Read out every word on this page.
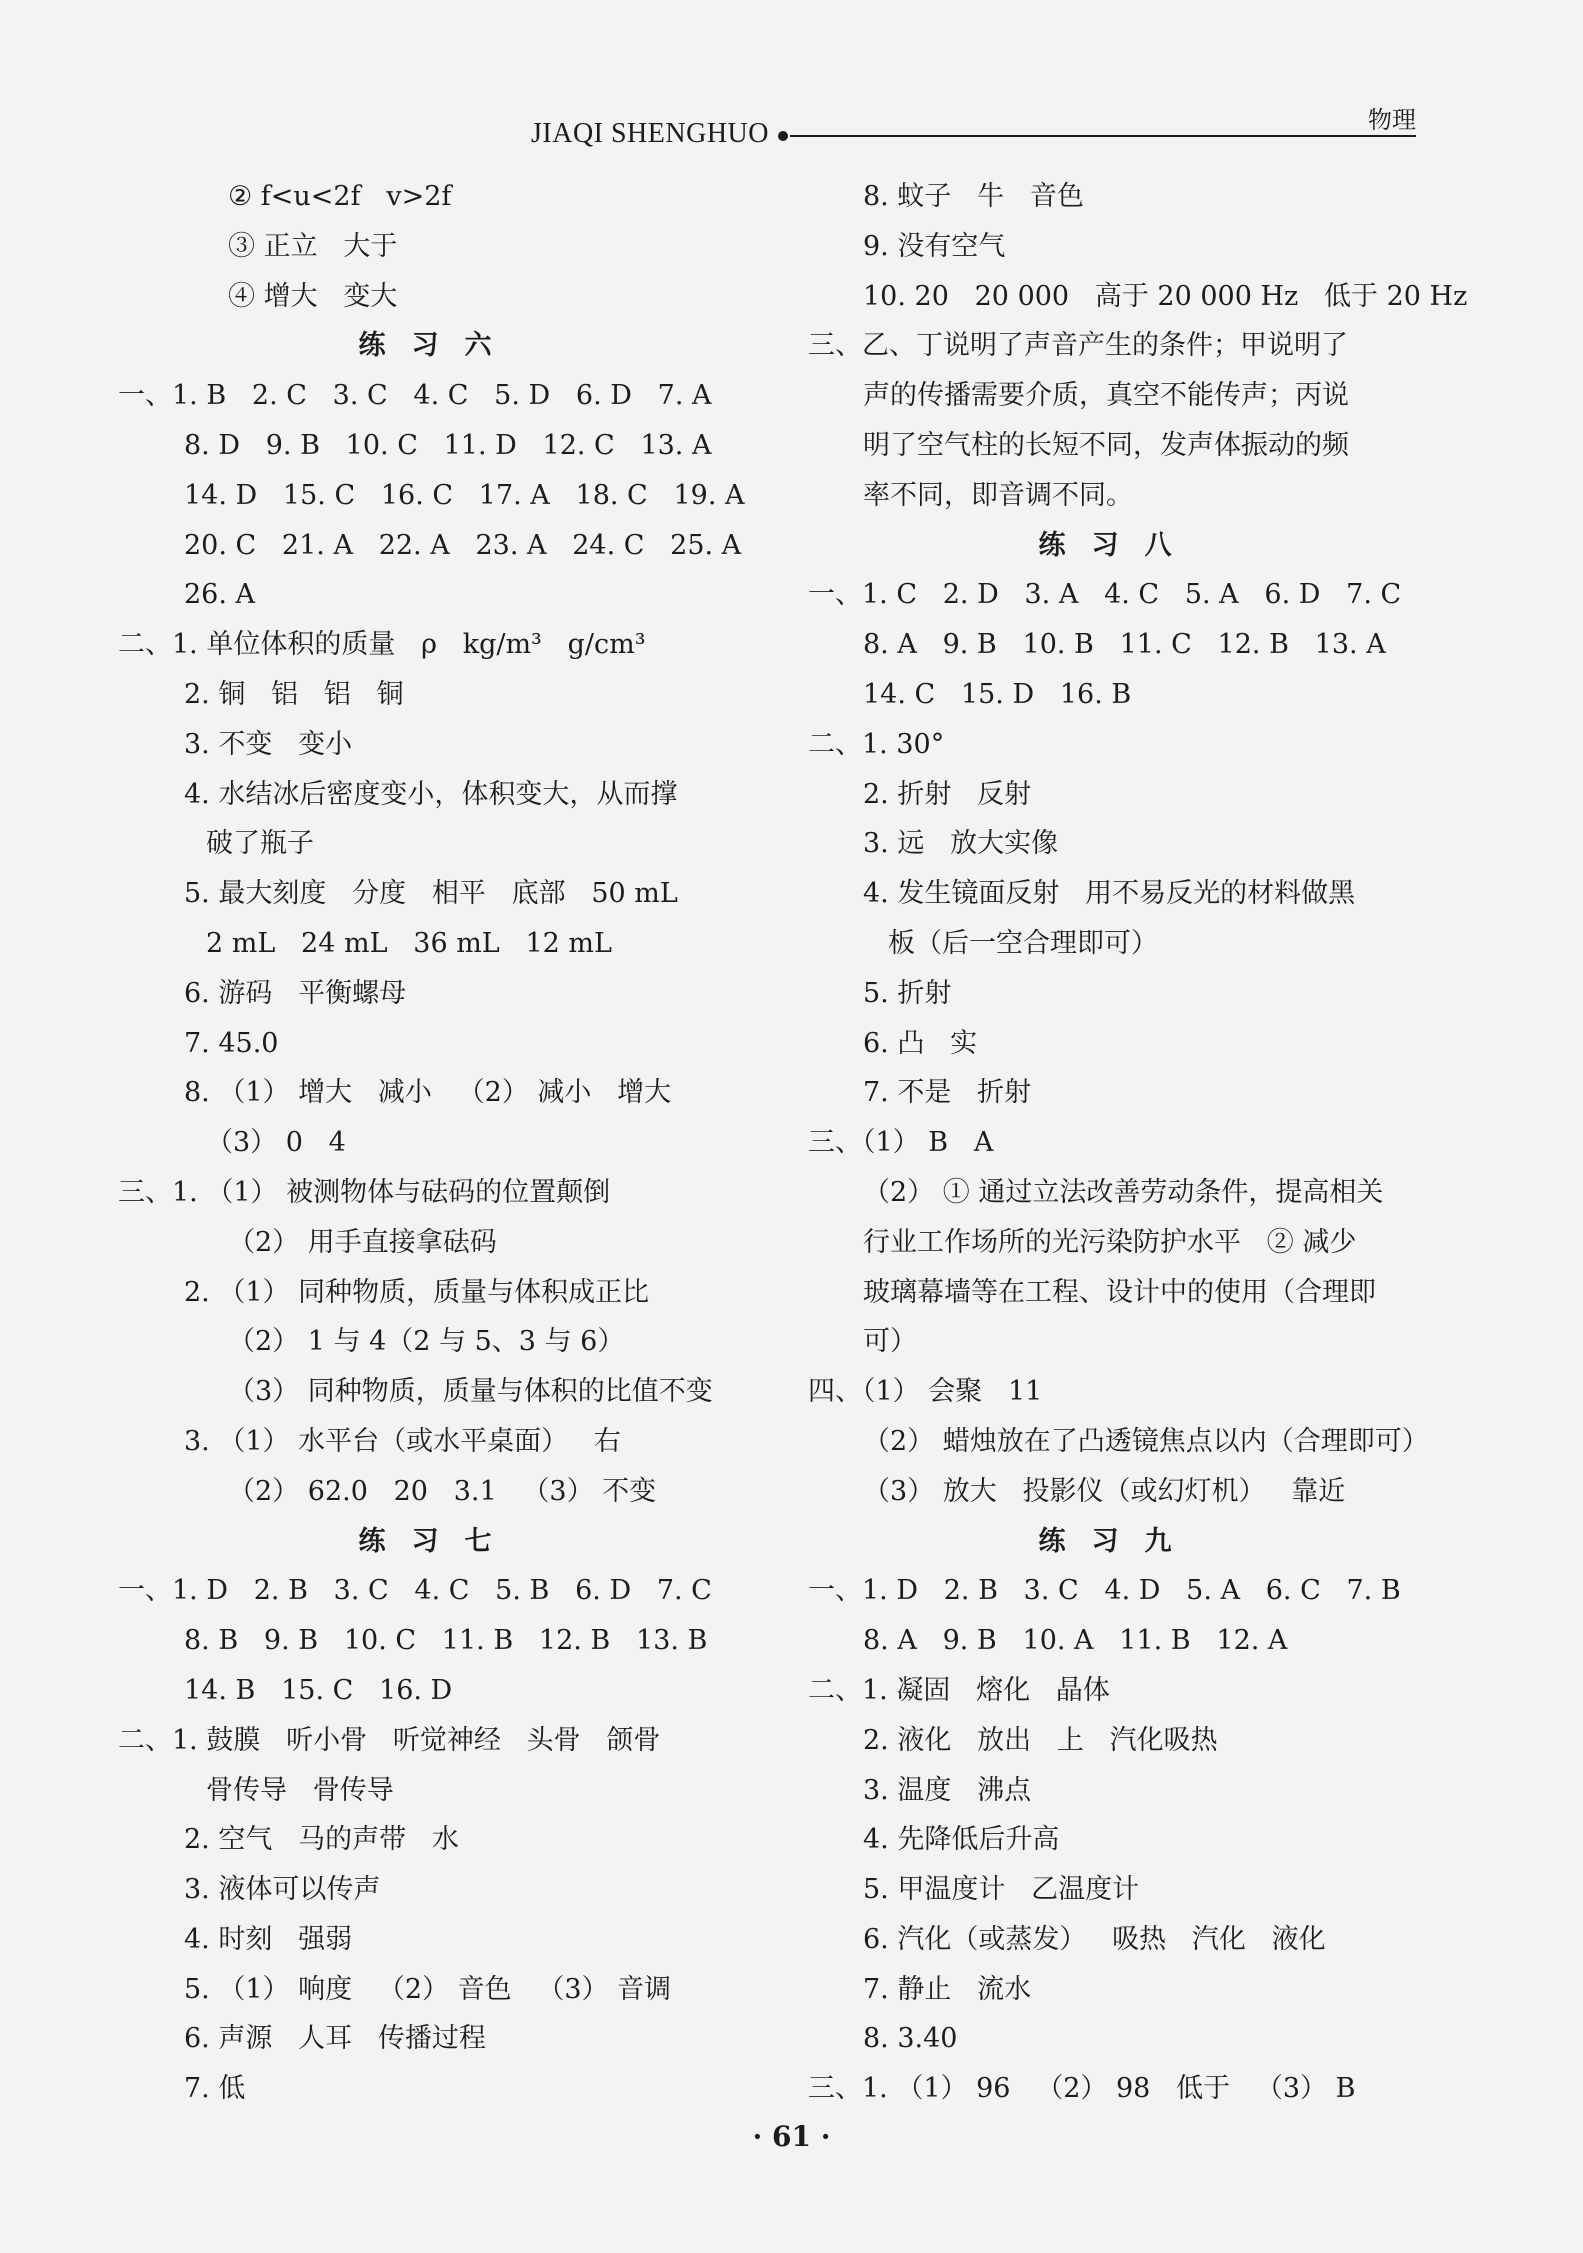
JIAQI SHENGHUO	物理
② f<u<2f   v>2f
③ 正立   大于
④ 增大   变大
练习六
一、1. B   2. C   3. C   4. C   5. D   6. D   7. A
8. D   9. B   10. C   11. D   12. C   13. A
14. D   15. C   16. C   17. A   18. C   19. A
20. C   21. A   22. A   23. A   24. C   25. A
26. A
二、1. 单位体积的质量   ρ   kg/m³   g/cm³
2. 铜   铝   铝   铜
3. 不变   变小
4. 水结冰后密度变小，体积变大，从而撑
破了瓶子
5. 最大刻度   分度   相平   底部   50 mL
2 mL   24 mL   36 mL   12 mL
6. 游码   平衡螺母
7. 45.0
8. （1） 增大   减小   （2） 减小   增大
（3） 0   4
三、1. （1） 被测物体与砝码的位置颠倒
（2） 用手直接拿砝码
2. （1） 同种物质，质量与体积成正比
（2） 1 与 4（2 与 5、3 与 6）
（3） 同种物质，质量与体积的比值不变
3. （1） 水平台（或水平桌面）   右
（2） 62.0   20   3.1   （3） 不变
练习七
一、1. D   2. B   3. C   4. C   5. B   6. D   7. C
8. B   9. B   10. C   11. B   12. B   13. B
14. B   15. C   16. D
二、1. 鼓膜   听小骨   听觉神经   头骨   颌骨
骨传导   骨传导
2. 空气   马的声带   水
3. 液体可以传声
4. 时刻   强弱
5. （1） 响度   （2） 音色   （3） 音调
6. 声源   人耳   传播过程
7. 低
8. 蚊子   牛   音色
9. 没有空气
10. 20   20 000   高于 20 000 Hz   低于 20 Hz
三、乙、丁说明了声音产生的条件；甲说明了
声的传播需要介质，真空不能传声；丙说
明了空气柱的长短不同，发声体振动的频
率不同，即音调不同。
练习八
一、1. C   2. D   3. A   4. C   5. A   6. D   7. C
8. A   9. B   10. B   11. C   12. B   13. A
14. C   15. D   16. B
二、1. 30°
2. 折射   反射
3. 远   放大实像
4. 发生镜面反射   用不易反光的材料做黑
板（后一空合理即可）
5. 折射
6. 凸   实
7. 不是   折射
三、（1） B   A
（2） ① 通过立法改善劳动条件，提高相关
行业工作场所的光污染防护水平   ② 减少
玻璃幕墙等在工程、设计中的使用（合理即
可）
四、（1） 会聚   11
（2） 蜡烛放在了凸透镜焦点以内（合理即可）
（3） 放大   投影仪（或幻灯机）   靠近
练习九
一、1. D   2. B   3. C   4. D   5. A   6. C   7. B
8. A   9. B   10. A   11. B   12. A
二、1. 凝固   熔化   晶体
2. 液化   放出   上   汽化吸热
3. 温度   沸点
4. 先降低后升高
5. 甲温度计   乙温度计
6. 汽化（或蒸发）   吸热   汽化   液化
7. 静止   流水
8. 3.40
三、1. （1） 96   （2） 98   低于   （3） B
· 61 ·
